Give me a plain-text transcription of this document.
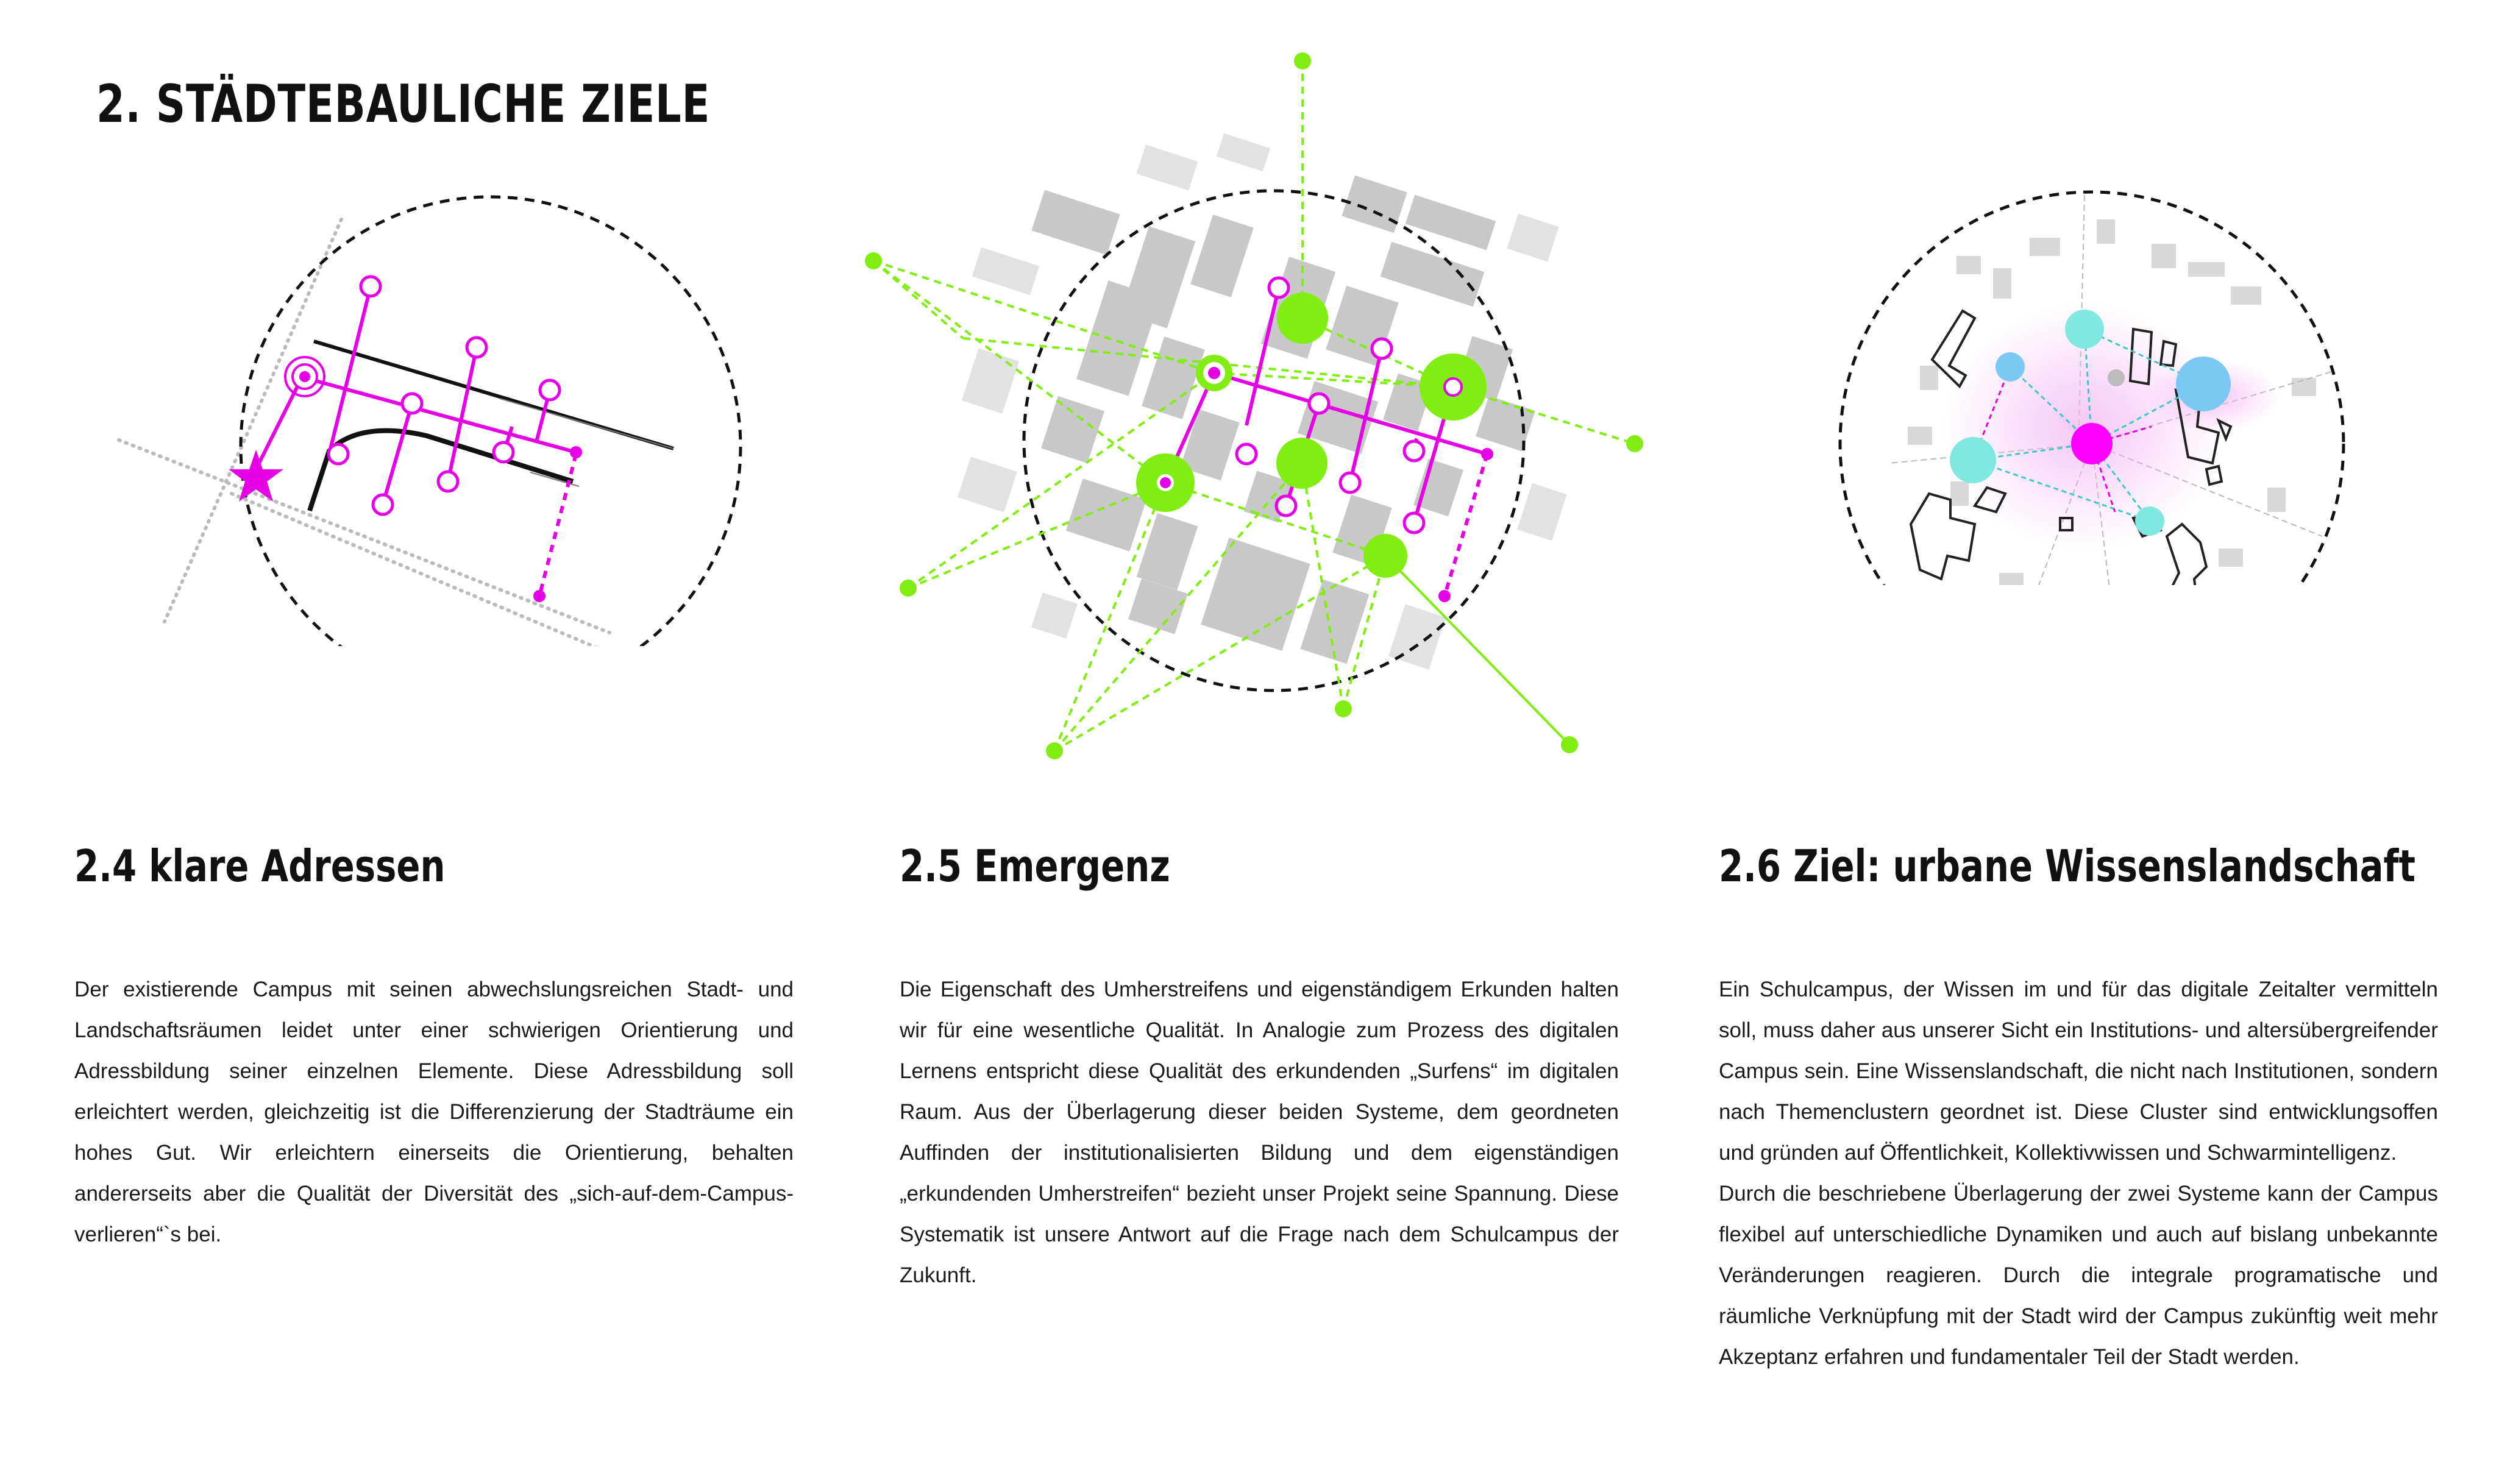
2. STÄDTEBAULICHE ZIELE
2.4 klare Adressen

Der existierende Campus mit seinen abwechslungsreichen Stadt- und Landschaftsräumen leidet unter einer schwierigen Orientierung und Adressbildung seiner einzelnen Elemente. Diese Adressbildung soll erleichtert werden, gleichzeitig ist die Differenzierung der Stadträume ein hohes Gut. Wir erleichtern einerseits die Orientierung, behalten andererseits aber die Qualität der Diversität des „sich-auf-dem-Campus-verlieren“`s bei.

2.5 Emergenz

Die Eigenschaft des Umherstreifens und eigenständigem Erkunden halten wir für eine wesentliche Qualität. In Analogie zum Prozess des digitalen Lernens entspricht diese Qualität des erkundenden „Surfens“ im digitalen Raum. Aus der Überlagerung dieser beiden Systeme, dem geordneten Auffinden der institutionalisierten Bildung und dem eigenständigen „erkundenden Umherstreifen“ bezieht unser Projekt seine Spannung. Diese Systematik ist unsere Antwort auf die Frage nach dem Schulcampus der Zukunft.

2.6 Ziel: urbane Wissenslandschaft

Ein Schulcampus, der Wissen im und für das digitale Zeitalter vermitteln soll, muss daher aus unserer Sicht ein Institutions- und altersübergreifender Campus sein. Eine Wissenslandschaft, die nicht nach Institutionen, sondern nach Themenclustern geordnet ist. Diese Cluster sind entwicklungsoffen und gründen auf Öffentlichkeit, Kollektivwissen und Schwarmintelligenz.

Durch die beschriebene Überlagerung der zwei Systeme kann der Campus flexibel auf unterschiedliche Dynamiken und auch auf bislang unbekannte Veränderungen reagieren. Durch die integrale programatische und räumliche Verknüpfung mit der Stadt wird der Campus zukünftig weit mehr Akzeptanz erfahren und fundamentaler Teil der Stadt werden.
